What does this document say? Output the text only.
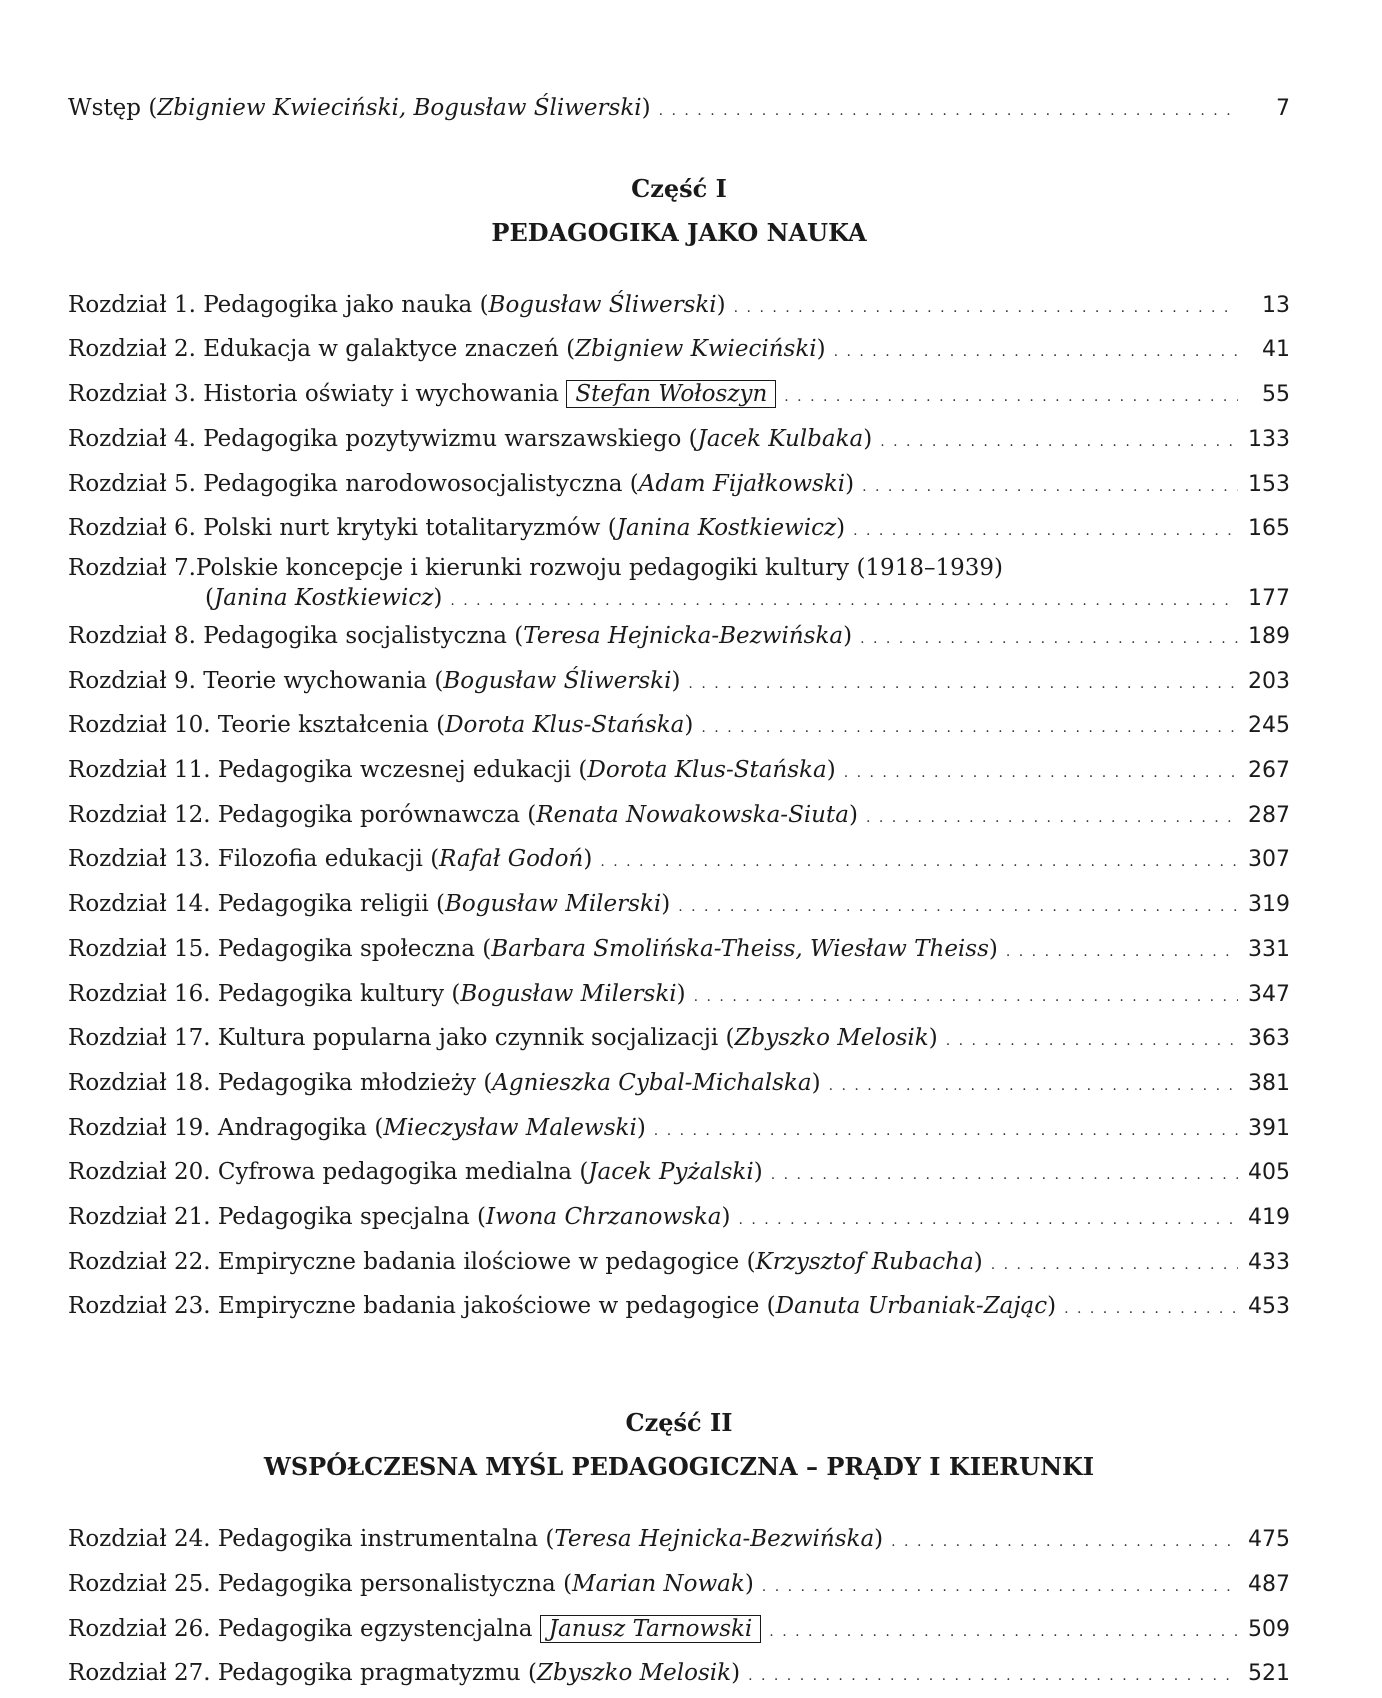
Wstęp (Zbigniew Kwieciński, Bogusław Śliwerski) . . .	7
Część I
PEDAGOGIKA JAKO NAUKA
Rozdział 1. Pedagogika jako nauka (Bogusław Śliwerski) . . .	13
Rozdział 2. Edukacja w galaktyce znaczeń (Zbigniew Kwieciński) . . .	41
Rozdział 3. Historia oświaty i wychowania Stefan Wołoszyn . . .	55
Rozdział 4. Pedagogika pozytywizmu warszawskiego (Jacek Kulbaka) . . .	133
Rozdział 5. Pedagogika narodowosocjalistyczna (Adam Fijałkowski) . . .	153
Rozdział 6. Polski nurt krytyki totalitaryzmów (Janina Kostkiewicz) . . .	165
Rozdział 7. Polskie koncepcje i kierunki rozwoju pedagogiki kultury (1918–1939)
(Janina Kostkiewicz) . . .	177
Rozdział 8. Pedagogika socjalistyczna (Teresa Hejnicka-Bezwińska) . . .	189
Rozdział 9. Teorie wychowania (Bogusław Śliwerski) . . .	203
Rozdział 10. Teorie kształcenia (Dorota Klus-Stańska) . . .	245
Rozdział 11. Pedagogika wczesnej edukacji (Dorota Klus-Stańska) . . .	267
Rozdział 12. Pedagogika porównawcza (Renata Nowakowska-Siuta) . . .	287
Rozdział 13. Filozofia edukacji (Rafał Godoń) . . .	307
Rozdział 14. Pedagogika religii (Bogusław Milerski) . . .	319
Rozdział 15. Pedagogika społeczna (Barbara Smolińska-Theiss, Wiesław Theiss) . . .	331
Rozdział 16. Pedagogika kultury (Bogusław Milerski) . . .	347
Rozdział 17. Kultura popularna jako czynnik socjalizacji (Zbyszko Melosik) . . .	363
Rozdział 18. Pedagogika młodzieży (Agnieszka Cybal-Michalska) . . .	381
Rozdział 19. Andragogika (Mieczysław Malewski) . . .	391
Rozdział 20. Cyfrowa pedagogika medialna (Jacek Pyżalski) . . .	405
Rozdział 21. Pedagogika specjalna (Iwona Chrzanowska) . . .	419
Rozdział 22. Empiryczne badania ilościowe w pedagogice (Krzysztof Rubacha) . . .	433
Rozdział 23. Empiryczne badania jakościowe w pedagogice (Danuta Urbaniak-Zając) . . .	453
Część II
WSPÓŁCZESNA MYŚL PEDAGOGICZNA – PRĄDY I KIERUNKI
Rozdział 24. Pedagogika instrumentalna (Teresa Hejnicka-Bezwińska) . . .	475
Rozdział 25. Pedagogika personalistyczna (Marian Nowak) . . .	487
Rozdział 26. Pedagogika egzystencjalna Janusz Tarnowski . . .	509
Rozdział 27. Pedagogika pragmatyzmu (Zbyszko Melosik) . . .	521
